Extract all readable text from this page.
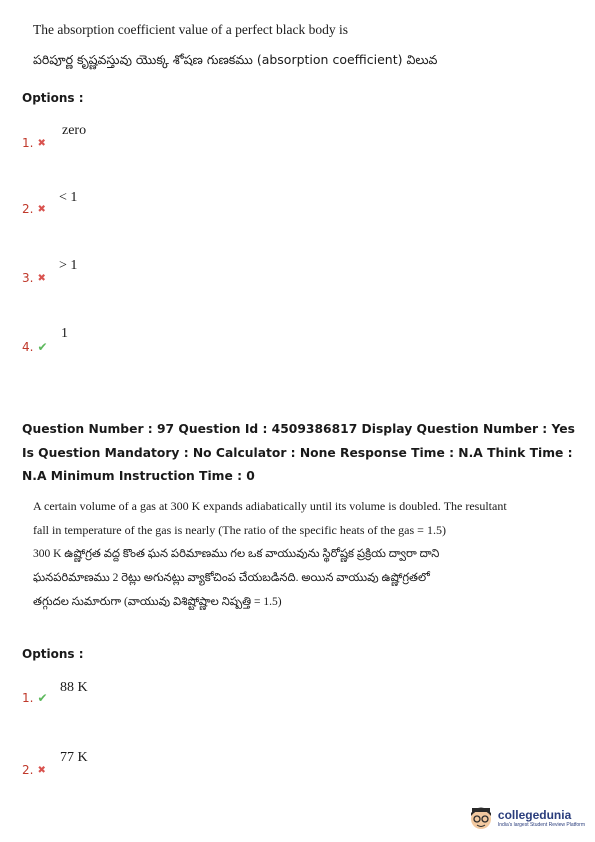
The absorption coefficient value of a perfect black body is
పరిపూర్ణ కృష్ణవస్తువు యొక్క శోషణ గుణకము (absorption coefficient) విలువ
Options :
1. ✖
zero
2. ✖
< 1
3. ✖
> 1
4. ✔
1
Question Number : 97 Question Id : 4509386817 Display Question Number : Yes Is Question Mandatory : No Calculator : None Response Time : N.A Think Time : N.A Minimum Instruction Time : 0
A certain volume of a gas at 300 K expands adiabatically until its volume is doubled. The resultant
fall in temperature of the gas is nearly (The ratio of the specific heats of the gas = 1.5)
300 K ఉష్ణోగ్రత వద్ద కొంత ఘన పరిమాణము గల ఒక వాయువును స్థిరోష్ణక ప్రక్రియ ద్వారా దాని
ఘనపరిమాణము 2 రెట్లు అగునట్లు వ్యాకోచింప చేయబడినది. అయిన వాయువు ఉష్ణోగ్రతలో
తగ్గుదల సుమారుగా (వాయువు విశిష్టోష్ణాల నిష్పత్తి = 1.5)
Options :
1. ✔
88 K
2. ✖
77 K
collegedunia
India's largest Student Review Platform
